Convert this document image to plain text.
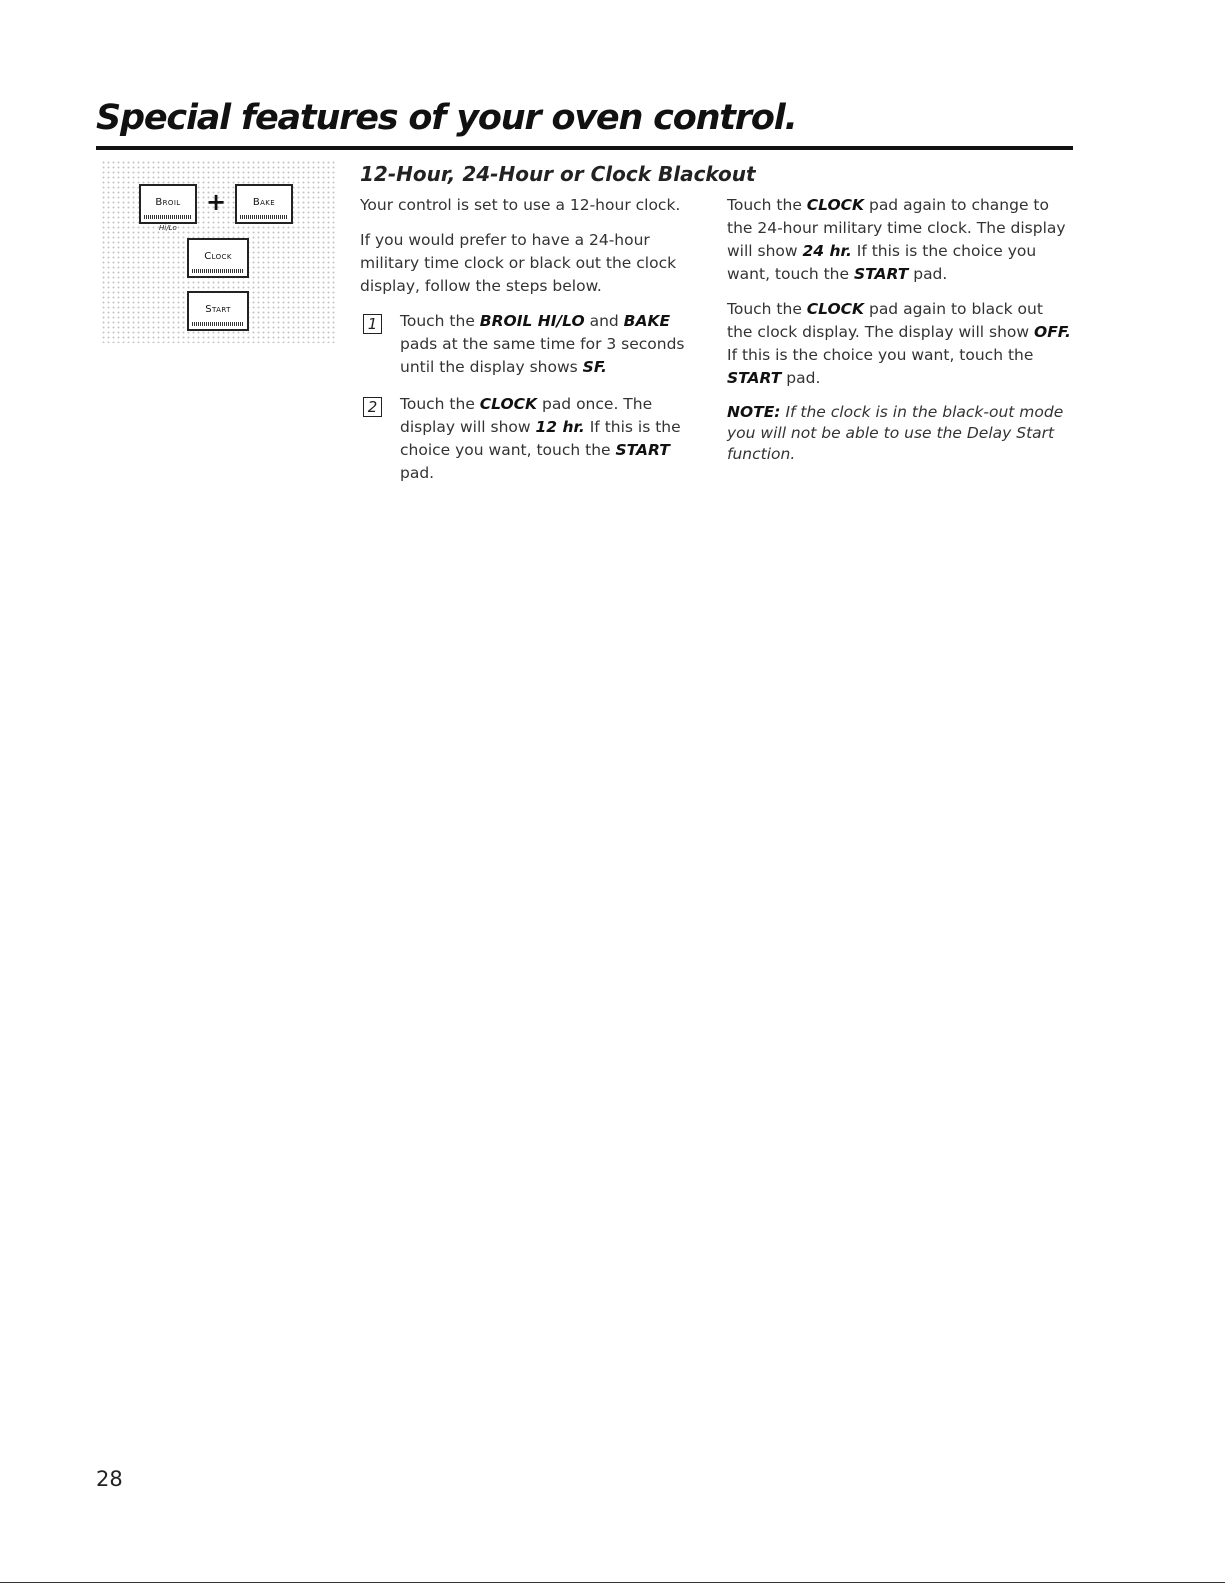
Special features of your oven control.
Broil
Hi/Lo
+	Bake
Clock
Start
12-Hour, 24-Hour or Clock Blackout

Your control is set to use a 12-hour clock.

If you would prefer to have a 24-hour military time clock or black out the clock display, follow the steps below.

1	Touch the BROIL HI/LO and BAKE pads at the same time for 3 seconds until the display shows SF.
2	Touch the CLOCK pad once. The display will show 12 hr. If this is the choice you want, touch the START pad.

Touch the CLOCK pad again to change to the 24-hour military time clock. The display will show 24 hr. If this is the choice you want, touch the START pad.

Touch the CLOCK pad again to black out the clock display. The display will show OFF. If this is the choice you want, touch the START pad.

NOTE: If the clock is in the black-out mode you will not be able to use the Delay Start function.

28
